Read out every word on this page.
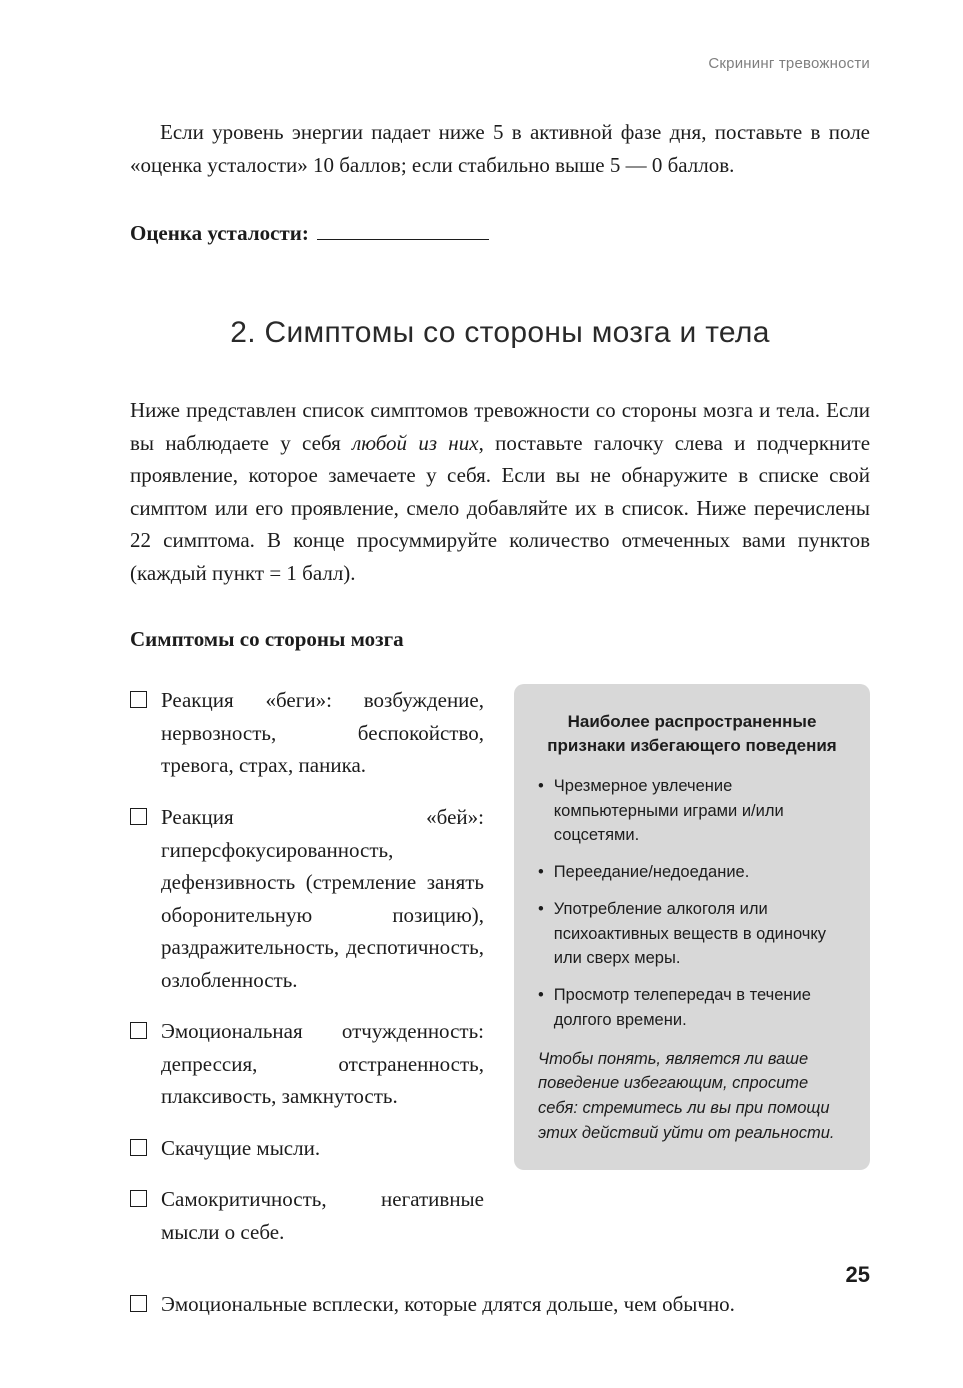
Скрининг тревожности

Если уровень энергии падает ниже 5 в активной фазе дня, поставьте в поле «оценка усталости» 10 баллов; если стабильно выше 5 — 0 баллов.

Оценка усталости:
2. Симптомы со стороны мозга и тела

Ниже представлен список симптомов тревожности со стороны мозга и тела. Если вы наблюдаете у себя любой из них, поставьте галочку слева и подчеркните проявление, которое замечаете у себя. Если вы не обнаружите в списке свой симптом или его проявление, смело добавляйте их в список. Ниже перечислены 22 симптома. В конце просуммируйте количество отмеченных вами пунктов (каждый пункт = 1 балл).

Симптомы со стороны мозга
Реакция «беги»: возбуждение, нервозность, беспокойство, тревога, страх, паника.
Реакция «бей»: гиперсфокусированность, дефензивность (стремление занять оборонительную позицию), раздражительность, деспотичность, озлобленность.
Эмоциональная отчужденность: депрессия, отстраненность, плаксивость, замкнутость.
Скачущие мысли.
Самокритичность, негативные мысли о себе.
Наиболее распространенные признаки избегающего поведения
• Чрезмерное увлечение компьютерными играми и/или соцсетями.
• Переедание/недоедание.
• Употребление алкоголя или психоактивных веществ в одиночку или сверх меры.
• Просмотр телепередач в течение долгого времени.
Чтобы понять, является ли ваше поведение избегающим, спросите себя: стремитесь ли вы при помощи этих действий уйти от реальности.
Эмоциональные всплески, которые длятся дольше, чем обычно.
25
